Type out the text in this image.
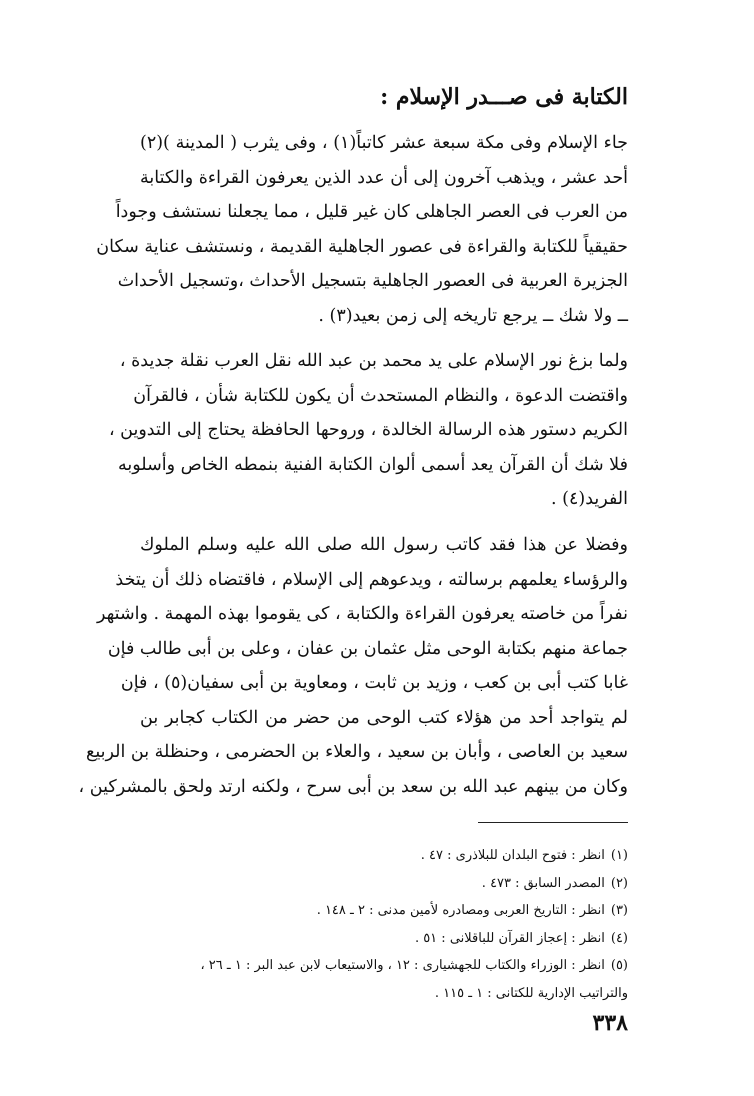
الكتابة فى صـــدر الإسلام :
جاء الإسلام وفى مكة سبعة عشر كاتباً(١) ، وفى يثرب ( المدينة )(٢)
أحد عشر ، ويذهب آخرون إلى أن عدد الذين يعرفون القراءة والكتابة
من العرب فى العصر الجاهلى كان غير قليل ، مما يجعلنا نستشف وجوداً
حقيقياً للكتابة والقراءة فى عصور الجاهلية القديمة ، ونستشف عناية سكان
الجزيرة العربية فى العصور الجاهلية بتسجيل الأحداث ،وتسجيل الأحداث
ــ ولا شك ــ يرجع تاريخه إلى زمن بعيد(٣) .
ولما بزغ نور الإسلام على يد محمد بن عبد الله نقل العرب نقلة جديدة ،
واقتضت الدعوة ، والنظام المستحدث أن يكون للكتابة شأن ، فالقرآن
الكريم دستور هذه الرسالة الخالدة ، وروحها الحافظة يحتاج إلى التدوين ،
فلا شك أن القرآن يعد أسمى ألوان الكتابة الفنية بنمطه الخاص وأسلوبه
الفريد(٤) .
وفضلا عن هذا فقد كاتب رسول الله صلى الله عليه وسلم الملوك
والرؤساء يعلمهم برسالته ، ويدعوهم إلى الإسلام ، فاقتضاه ذلك أن يتخذ
نفراً من خاصته يعرفون القراءة والكتابة ، كى يقوموا بهذه المهمة . واشتهر
جماعة منهم بكتابة الوحى مثل عثمان بن عفان ، وعلى بن أبى طالب فإن
غابا كتب أبى بن كعب ، وزيد بن ثابت ، ومعاوية بن أبى سفيان(٥) ، فإن
لم يتواجد أحد من هؤلاء كتب الوحى من حضر من الكتاب كجابر بن
سعيد بن العاصى ، وأبان بن سعيد ، والعلاء بن الحضرمى ، وحنظلة بن الربيع
وكان من بينهم عبد الله بن سعد بن أبى سرح ، ولكنه ارتد ولحق بالمشركين ،
(١)انظر : فتوح البلدان للبلاذرى : ٤٧ .
(٢)المصدر السابق : ٤٧٣ .
(٣)انظر : التاريخ العربى ومصادره لأمين مدنى : ٢ ـ ١٤٨ .
(٤)انظر : إعجاز القرآن للباقلانى : ٥١ .
(٥)انظر : الوزراء والكتاب للجهشيارى : ١٢ ، والاستيعاب لابن عبد البر : ١ ـ ٢٦ ،
والتراتيب الإدارية للكتانى : ١ ـ ١١٥ .
٣٣٨
